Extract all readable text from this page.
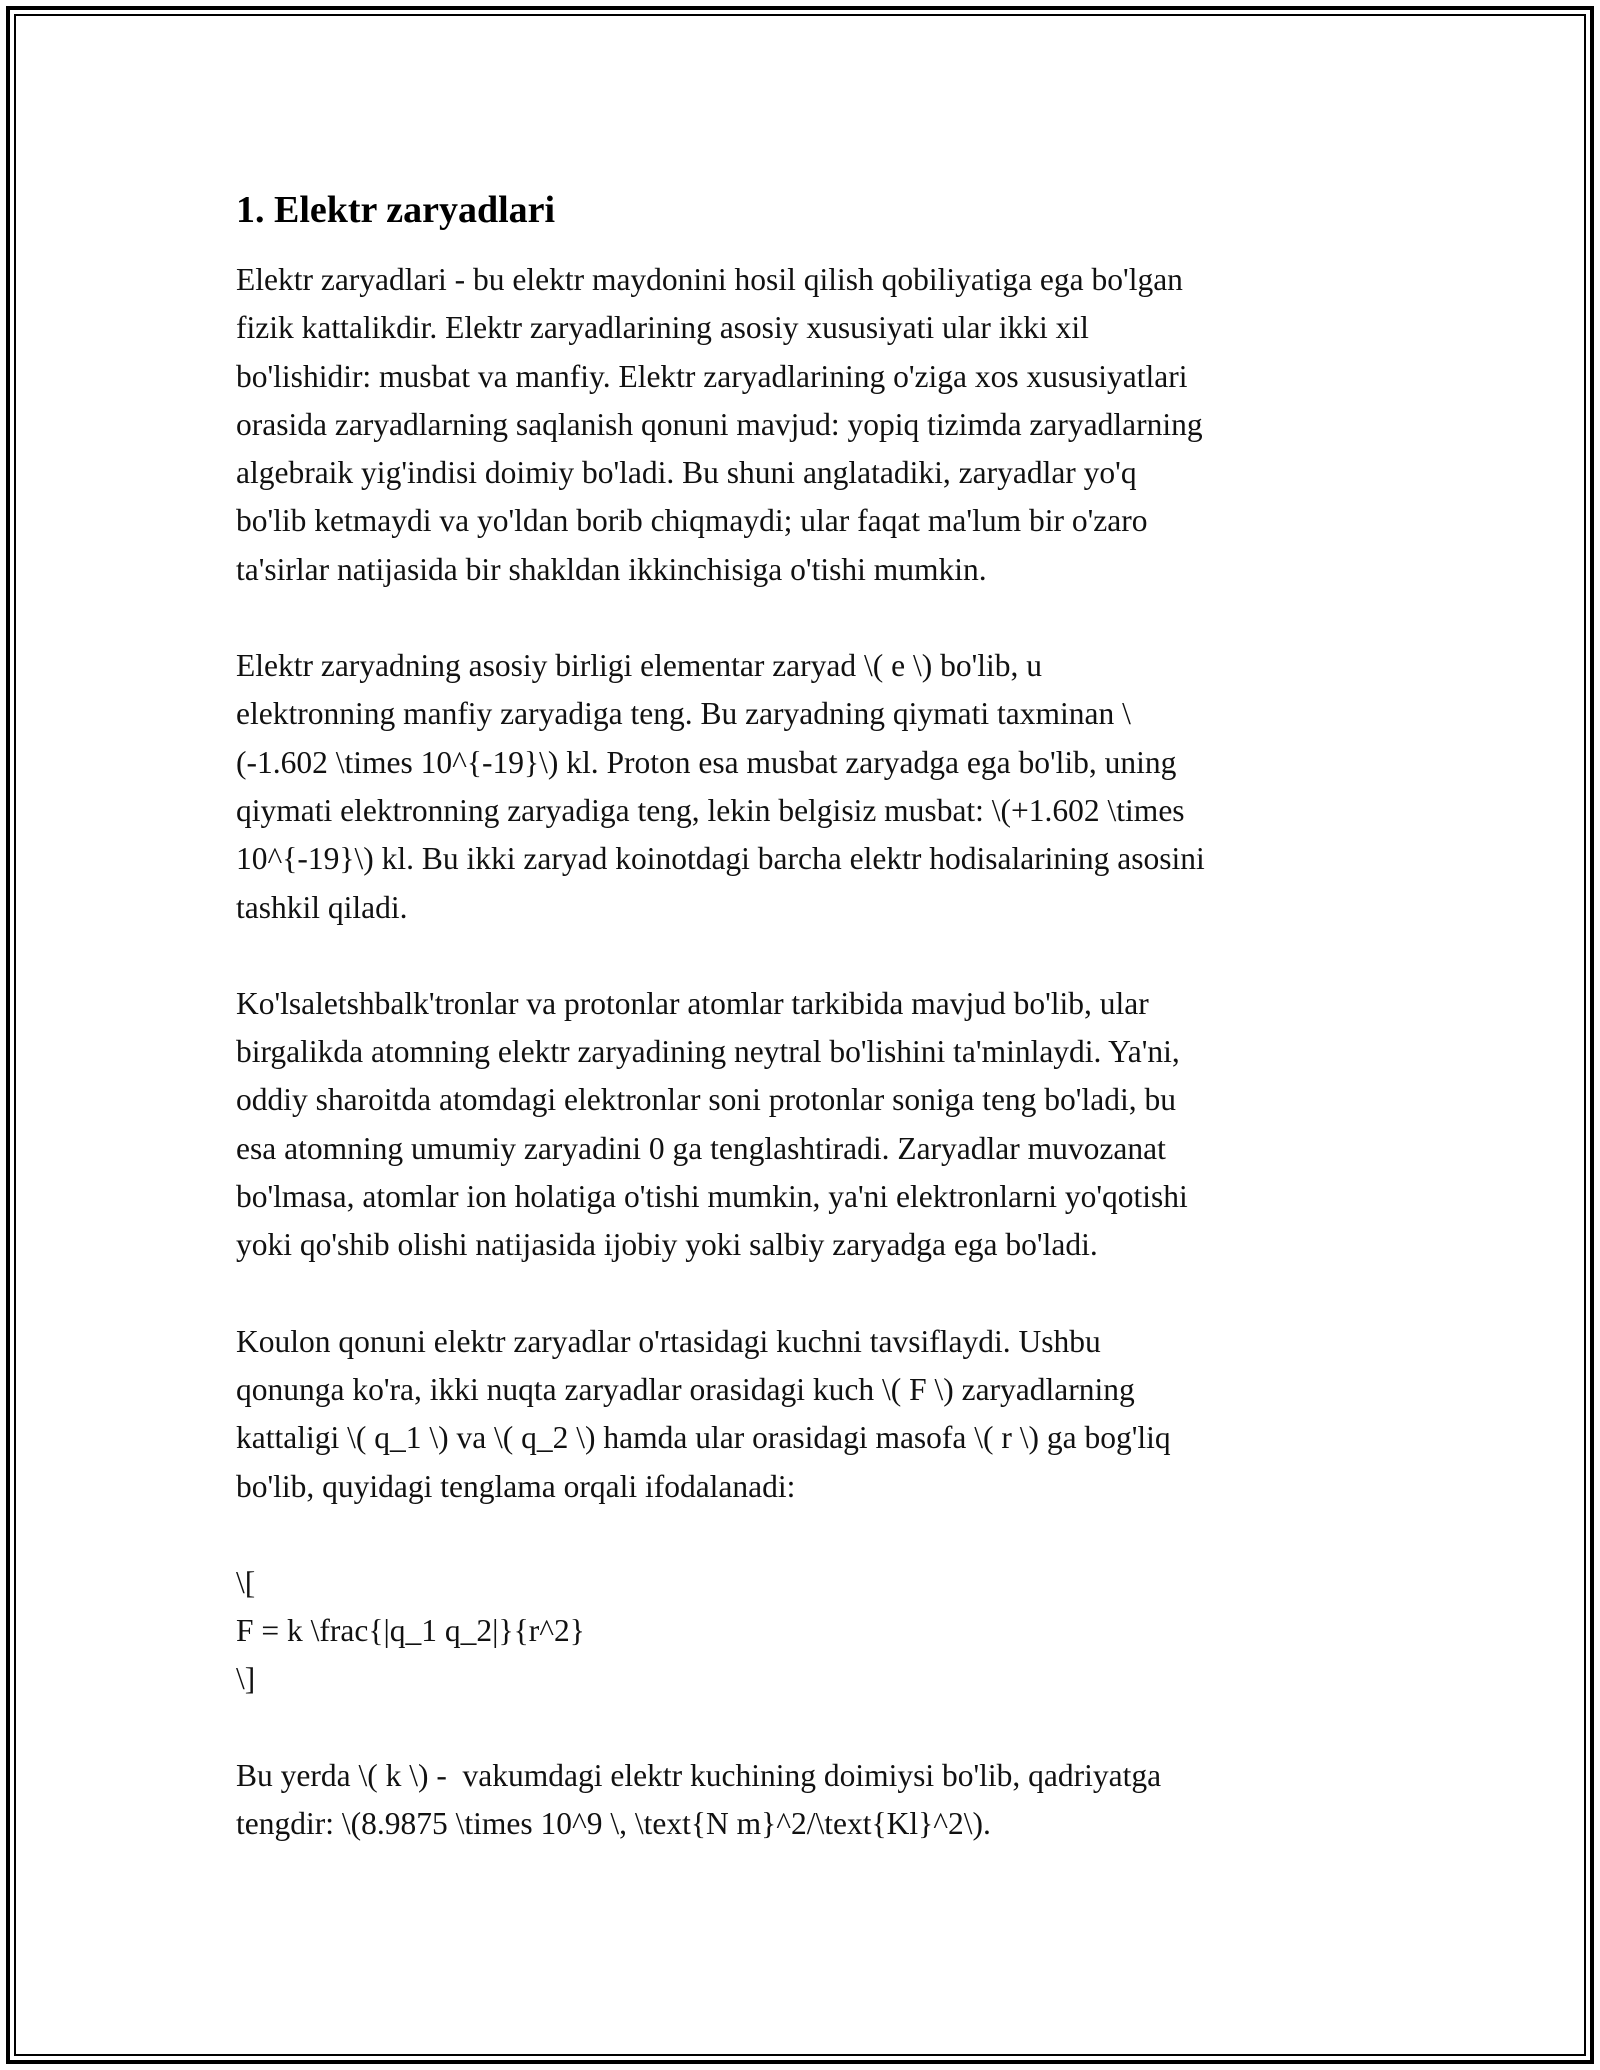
1. Elektr zaryadlari

Elektr zaryadlari - bu elektr maydonini hosil qilish qobiliyatiga ega bo'lgan
fizik kattalikdir. Elektr zaryadlarining asosiy xususiyati ular ikki xil
bo'lishidir: musbat va manfiy. Elektr zaryadlarining o'ziga xos xususiyatlari
orasida zaryadlarning saqlanish qonuni mavjud: yopiq tizimda zaryadlarning
algebraik yig'indisi doimiy bo'ladi. Bu shuni anglatadiki, zaryadlar yo'q
bo'lib ketmaydi va yo'ldan borib chiqmaydi; ular faqat ma'lum bir o'zaro
ta'sirlar natijasida bir shakldan ikkinchisiga o'tishi mumkin.

Elektr zaryadning asosiy birligi elementar zaryad \( e \) bo'lib, u
elektronning manfiy zaryadiga teng. Bu zaryadning qiymati taxminan \
(-1.602 \times 10^{-19}\) kl. Proton esa musbat zaryadga ega bo'lib, uning
qiymati elektronning zaryadiga teng, lekin belgisiz musbat: \(+1.602 \times
10^{-19}\) kl. Bu ikki zaryad koinotdagi barcha elektr hodisalarining asosini
tashkil qiladi.

Ko'lsaletshbalk'tronlar va protonlar atomlar tarkibida mavjud bo'lib, ular
birgalikda atomning elektr zaryadining neytral bo'lishini ta'minlaydi. Ya'ni,
oddiy sharoitda atomdagi elektronlar soni protonlar soniga teng bo'ladi, bu
esa atomning umumiy zaryadini 0 ga tenglashtiradi. Zaryadlar muvozanat
bo'lmasa, atomlar ion holatiga o'tishi mumkin, ya'ni elektronlarni yo'qotishi
yoki qo'shib olishi natijasida ijobiy yoki salbiy zaryadga ega bo'ladi.

Koulon qonuni elektr zaryadlar o'rtasidagi kuchni tavsiflaydi. Ushbu
qonunga ko'ra, ikki nuqta zaryadlar orasidagi kuch \( F \) zaryadlarning
kattaligi \( q_1 \) va \( q_2 \) hamda ular orasidagi masofa \( r \) ga bog'liq
bo'lib, quyidagi tenglama orqali ifodalanadi:

\[
F = k \frac{|q_1 q_2|}{r^2}
\]

Bu yerda \( k \) -  vakumdagi elektr kuchining doimiysi bo'lib, qadriyatga
tengdir: \(8.9875 \times 10^9 \, \text{N m}^2/\text{Kl}^2\).
